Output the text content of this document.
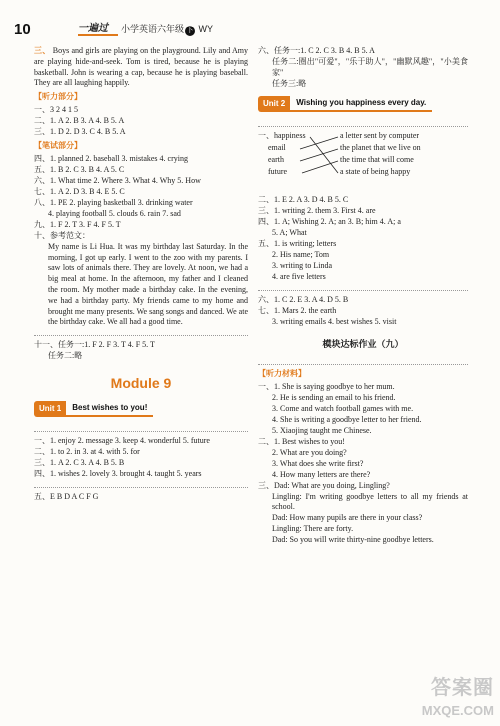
10	一遍过 小学英语六年级 下 WY
三、 Boys and girls are playing on the playground. Lily and Amy are playing hide-and-seek. Tom is tired, because he is playing basketball. John is wearing a cap, because he is playing baseball. They are all laughing happily.
【听力部分】
一、3 2 4 1 5
二、1. A 2. B 3. A 4. B 5. A
三、1. D 2. D 3. C 4. B 5. A
【笔试部分】
四、1. planned 2. baseball 3. mistakes 4. crying
五、1. B 2. C 3. B 4. A 5. C
六、1. What time 2. Where 3. What 4. Why 5. How
七、1. A 2. D 3. B 4. E 5. C
八、1. PE 2. playing basketball 3. drinking water
4. playing football 5. clouds 6. rain 7. sad
九、1. F 2. T 3. F 4. F 5. T
十、参考范文：
My name is Li Hua. It was my birthday last Saturday. In the morning, I got up early. I went to the zoo with my parents. I saw lots of animals there. They are lovely. At noon, we had a big meal at home. In the afternoon, my father and I cleaned the room. My mother made a birthday cake. In the evening, we had a birthday party. My friends came to my home and brought me many presents. We sang songs and danced. We ate the birthday cake. We all had a good time.
十一、任务一:1. F 2. F 3. T 4. F 5. T
任务二:略
Module 9
Unit 1	Best wishes to you!
一、1. enjoy 2. message 3. keep 4. wonderful 5. future
二、1. to 2. in 3. at 4. with 5. for
三、1. A 2. C 3. A 4. B 5. B
四、1. wishes 2. lovely 3. brought 4. taught 5. years
五、E B D A C F G
六、任务一:1. C 2. C 3. B 4. B 5. A
任务二:圈出"可爱"，"乐于助人"，"幽默风趣"，"小美食家"
任务三:略
Unit 2	Wishing you happiness every day.
一、happiness
email
earth
future
a letter sent by computer
the planet that we live on
the time that will come
a state of being happy
二、1. E 2. A 3. D 4. B 5. C
三、1. writing 2. them 3. First 4. are
四、1. A; Wishing 2. A; an 3. B; him 4. A; a
5. A; What
五、1. is writing; letters
2. His name; Tom
3. writing to Linda
4. are five letters
六、1. C 2. E 3. A 4. D 5. B
七、1. Mars 2. the earth
3. writing emails 4. best wishes 5. visit
模块达标作业（九）
【听力材料】
一、1. She is saying goodbye to her mum.
2. He is sending an email to his friend.
3. Come and watch football games with me.
4. She is writing a goodbye letter to her friend.
5. Xiaojing taught me Chinese.
二、1. Best wishes to you!
2. What are you doing?
3. What does she write first?
4. How many letters are there?
三、Dad: What are you doing, Lingling?
Lingling: I'm writing goodbye letters to all my friends at school.
Dad: How many pupils are there in your class?
Lingling: There are forty.
Dad: So you will write thirty-nine goodbye letters.
答案圈
MXQE.COM
